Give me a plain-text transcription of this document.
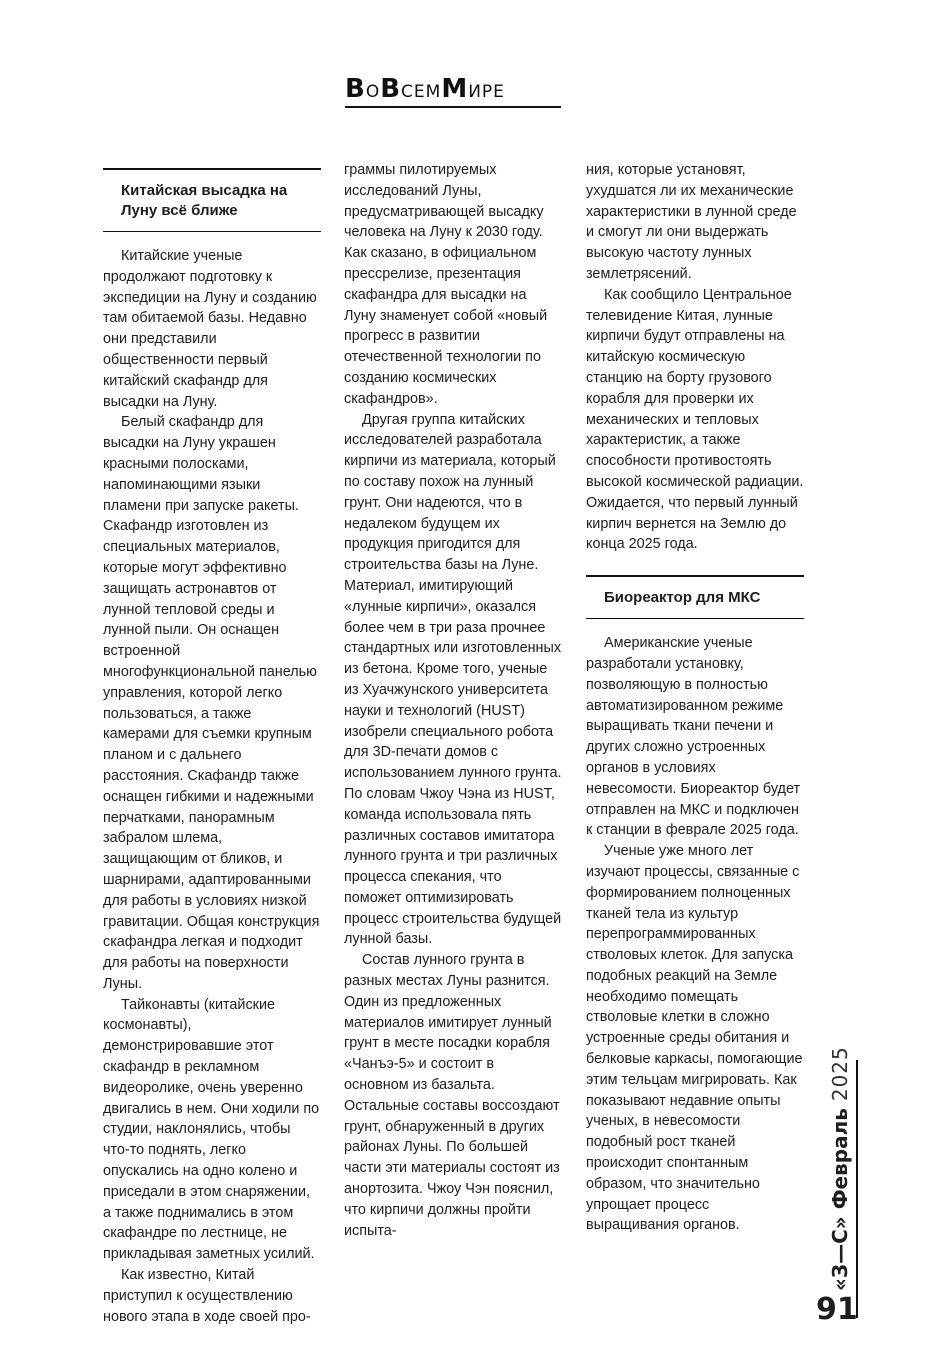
ВОВСЕММИРЕ
Китайская высадка на Луну всё ближе

Китайские ученые продолжают подготовку к экспедиции на Луну и созданию там обитаемой базы. Недавно они представили общественности первый китайский скафандр для высадки на Луну.

Белый скафандр для высадки на Луну украшен красными полосками, напоминающими языки пламени при запуске ракеты. Скафандр изготовлен из специальных материалов, которые могут эффективно защищать астронавтов от лунной тепловой среды и лунной пыли. Он оснащен встроенной многофункциональной панелью управления, которой легко пользоваться, а также камерами для съемки крупным планом и с дальнего расстояния. Скафандр также оснащен гибкими и надежными перчатками, панорамным забралом шлема, защищающим от бликов, и шарнирами, адаптированными для работы в условиях низкой гравитации. Общая конструкция скафандра легкая и подходит для работы на поверхности Луны.

Тайконавты (китайские космонавты), демонстрировавшие этот скафандр в рекламном видеоролике, очень уверенно двигались в нем. Они ходили по студии, наклонялись, чтобы что-то поднять, легко опускались на одно колено и приседали в этом снаряжении, а также поднимались в этом скафандре по лестнице, не прикладывая заметных усилий.

Как известно, Китай приступил к осуществлению нового этапа в ходе своей про-

граммы пилотируемых исследований Луны, предусматривающей высадку человека на Луну к 2030 году. Как сказано, в официальном прессрелизе, презентация скафандра для высадки на Луну знаменует собой «новый прогресс в развитии отечественной технологии по созданию космических скафандров».

Другая группа китайских исследователей разработала кирпичи из материала, который по составу похож на лунный грунт. Они надеются, что в недалеком будущем их продукция пригодится для строительства базы на Луне. Материал, имитирующий «лунные кирпичи», оказался более чем в три раза прочнее стандартных или изготовленных из бетона. Кроме того, ученые из Хуачжунского университета науки и технологий (HUST) изобрели специального робота для 3D-печати домов с использованием лунного грунта. По словам Чжоу Чэна из HUST, команда использовала пять различных составов имитатора лунного грунта и три различных процесса спекания, что поможет оптимизировать процесс строительства будущей лунной базы.

Состав лунного грунта в разных местах Луны разнится. Один из предложенных материалов имитирует лунный грунт в месте посадки корабля «Чанъэ-5» и состоит в основном из базальта. Остальные составы воссоздают грунт, обнаруженный в других районах Луны. По большей части эти материалы состоят из анортозита. Чжоу Чэн пояснил, что кирпичи должны пройти испыта-

ния, которые установят, ухудшатся ли их механические характеристики в лунной среде и смогут ли они выдержать высокую частоту лунных землетрясений.

Как сообщило Центральное телевидение Китая, лунные кирпичи будут отправлены на китайскую космическую станцию на борту грузового корабля для проверки их механических и тепловых характеристик, а также способности противостоять высокой космической радиации. Ожидается, что первый лунный кирпич вернется на Землю до конца 2025 года.

Биореактор для МКС

Американские ученые разработали установку, позволяющую в полностью автоматизированном режиме выращивать ткани печени и других сложно устроенных органов в условиях невесомости. Биореактор будет отправлен на МКС и подключен к станции в феврале 2025 года.

Ученые уже много лет изучают процессы, связанные с формированием полноценных тканей тела из культур перепрограммированных стволовых клеток. Для запуска подобных реакций на Земле необходимо помещать стволовые клетки в сложно устроенные среды обитания и белковые каркасы, помогающие этим тельцам мигрировать. Как показывают недавние опыты ученых, в невесомости подобный рост тканей происходит спонтанным образом, что значительно упрощает процесс выращивания органов.	«З—С» Февраль 2025
91
